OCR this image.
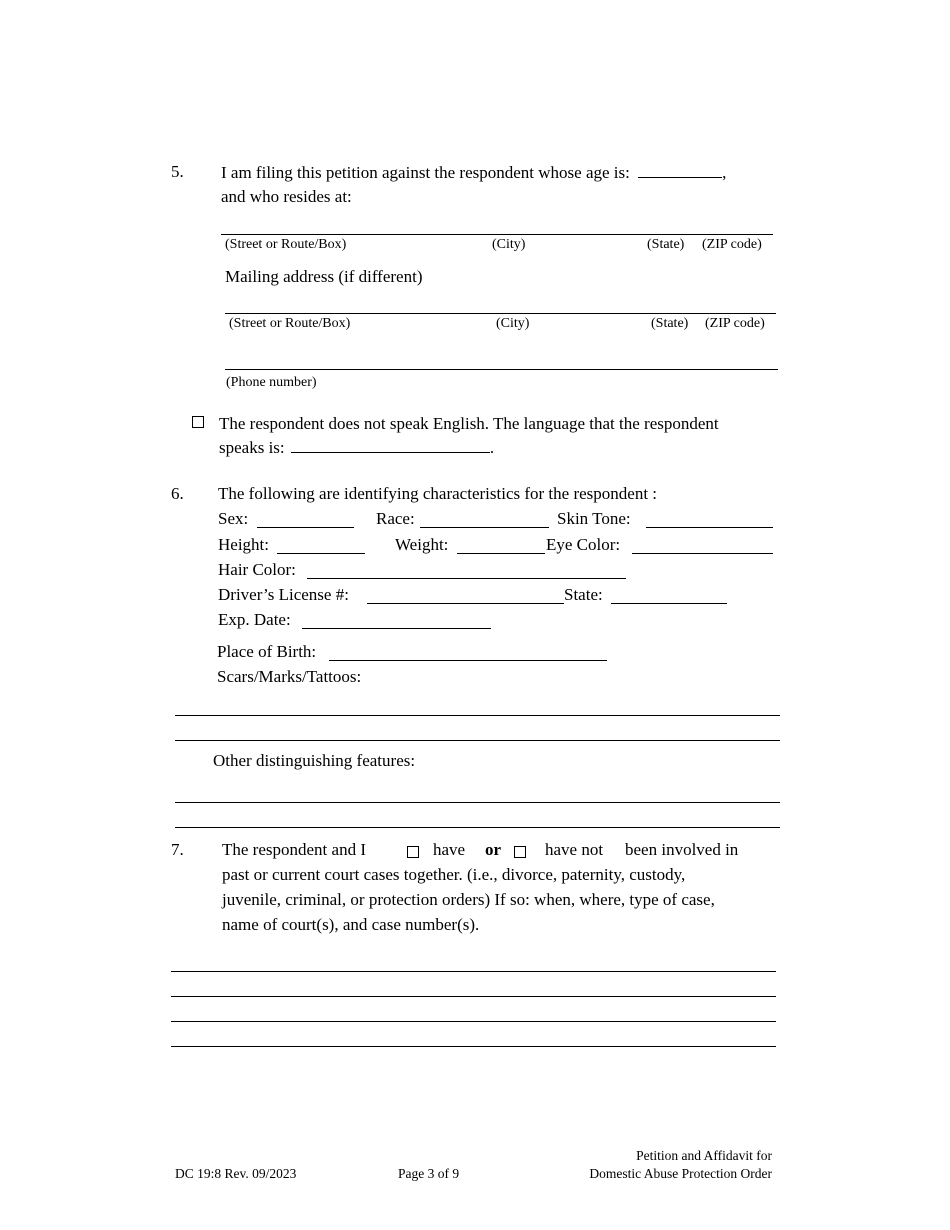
5. I am filing this petition against the respondent whose age is:	,
and who resides at:
(Street or Route/Box)	(City)	(State) (ZIP code)
Mailing address (if different)
(Street or Route/Box)	(City)	(State) (ZIP code)
(Phone number)
The respondent does not speak English. The language that the respondent
speaks is:	.
6. The following are identifying characteristics for the respondent :
Sex:	Race:	Skin Tone:
Height:	Weight:	Eye Color:
Hair Color:
Driver’s License #:	State:
Exp. Date:
Place of Birth:
Scars/Marks/Tattoos:
Other distinguishing features:
7. The respondent and I	have or	have not been involved in
past or current court cases together. (i.e., divorce, paternity, custody,
juvenile, criminal, or protection orders) If so: when, where, type of case,
name of court(s), and case number(s).
DC 19:8 Rev. 09/2023	Page 3 of 9
Petition and Affidavit for
Domestic Abuse Protection Order
